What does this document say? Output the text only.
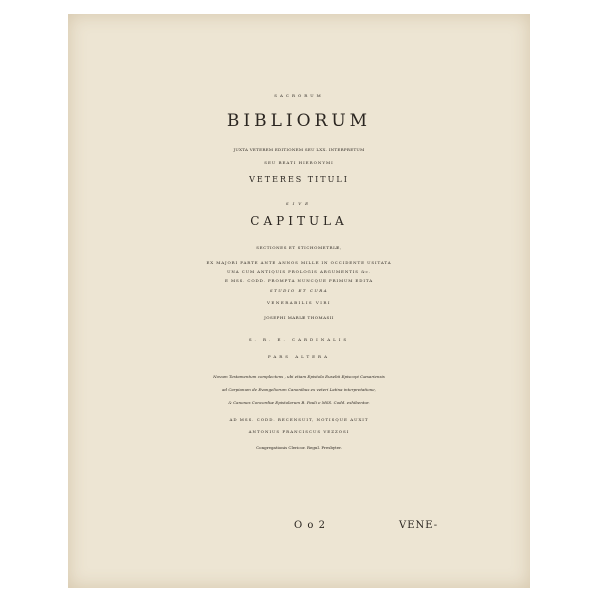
SACRORUM
BIBLIORUM
JUXTA VETEREM EDITIONEM SEU LXX. INTERPRETUM
SEU BEATI HIERONYMI
VETERES TITULI
SIVE
CAPITULA
SECTIONES ET STICHOMETRIÆ,
EX MAJORI PARTE ANTE ANNOS MILLE IN OCCIDENTE USITATA
UNA CUM ANTIQUIS PROLOGIS ARGUMENTIS &c.
E MSS. CODD. PROMPTA NUNCQUE PRIMUM EDITA
STUDIO ET CURA
VENERABILIS VIRI
JOSEPHI MARIÆ THOMASII
S. R. E. CARDINALIS
PARS ALTERA
Novum Testamentum complectens , ubi etiam Epistola Eusebii Episcopi Cæsariensis
ad Carpianum de Evangeliorum Canonibus ex veteri Latina interpretatione,
& Canones Concordiæ Epistolarum B. Pauli e MSS. Codd. exhibentur.
AD MSS. CODD. RECENSUIT, NOTISQUE AUXIT
ANTONIUS FRANCISCUS VEZZOSI
Congregationis Clericor. Regul. Presbyter.
O o 2	VENE-
